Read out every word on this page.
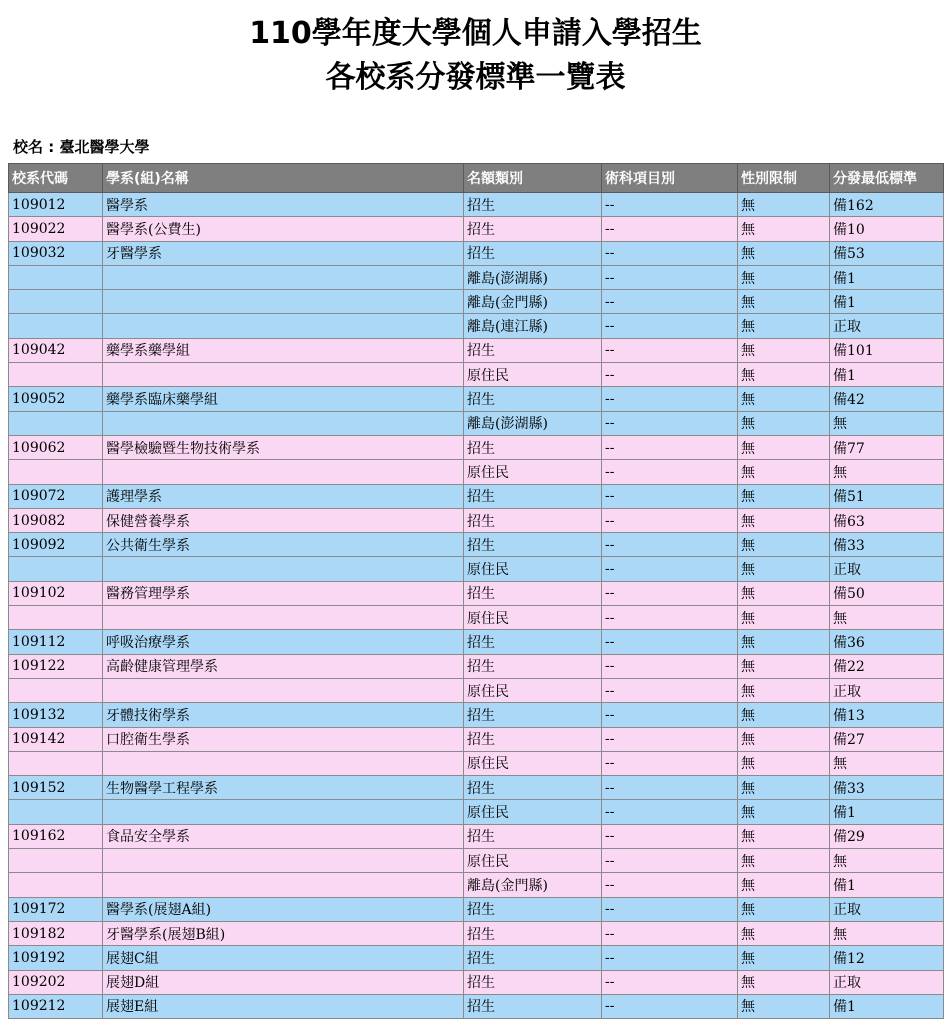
110學年度大學個人申請入學招生
各校系分發標準一覽表
校名 : 臺北醫學大學
校系代碼	學系(組)名稱	名額類別	術科項目別	性別限制	分發最低標準
109012	醫學系	招生	--	無	備162
109022	醫學系(公費生)	招生	--	無	備10
109032	牙醫學系	招生	--	無	備53
		離島(澎湖縣)	--	無	備1
		離島(金門縣)	--	無	備1
		離島(連江縣)	--	無	正取
109042	藥學系藥學組	招生	--	無	備101
		原住民	--	無	備1
109052	藥學系臨床藥學組	招生	--	無	備42
		離島(澎湖縣)	--	無	無
109062	醫學檢驗暨生物技術學系	招生	--	無	備77
		原住民	--	無	無
109072	護理學系	招生	--	無	備51
109082	保健營養學系	招生	--	無	備63
109092	公共衛生學系	招生	--	無	備33
		原住民	--	無	正取
109102	醫務管理學系	招生	--	無	備50
		原住民	--	無	無
109112	呼吸治療學系	招生	--	無	備36
109122	高齡健康管理學系	招生	--	無	備22
		原住民	--	無	正取
109132	牙體技術學系	招生	--	無	備13
109142	口腔衛生學系	招生	--	無	備27
		原住民	--	無	無
109152	生物醫學工程學系	招生	--	無	備33
		原住民	--	無	備1
109162	食品安全學系	招生	--	無	備29
		原住民	--	無	無
		離島(金門縣)	--	無	備1
109172	醫學系(展翅A組)	招生	--	無	正取
109182	牙醫學系(展翅B組)	招生	--	無	無
109192	展翅C組	招生	--	無	備12
109202	展翅D組	招生	--	無	正取
109212	展翅E組	招生	--	無	備1
